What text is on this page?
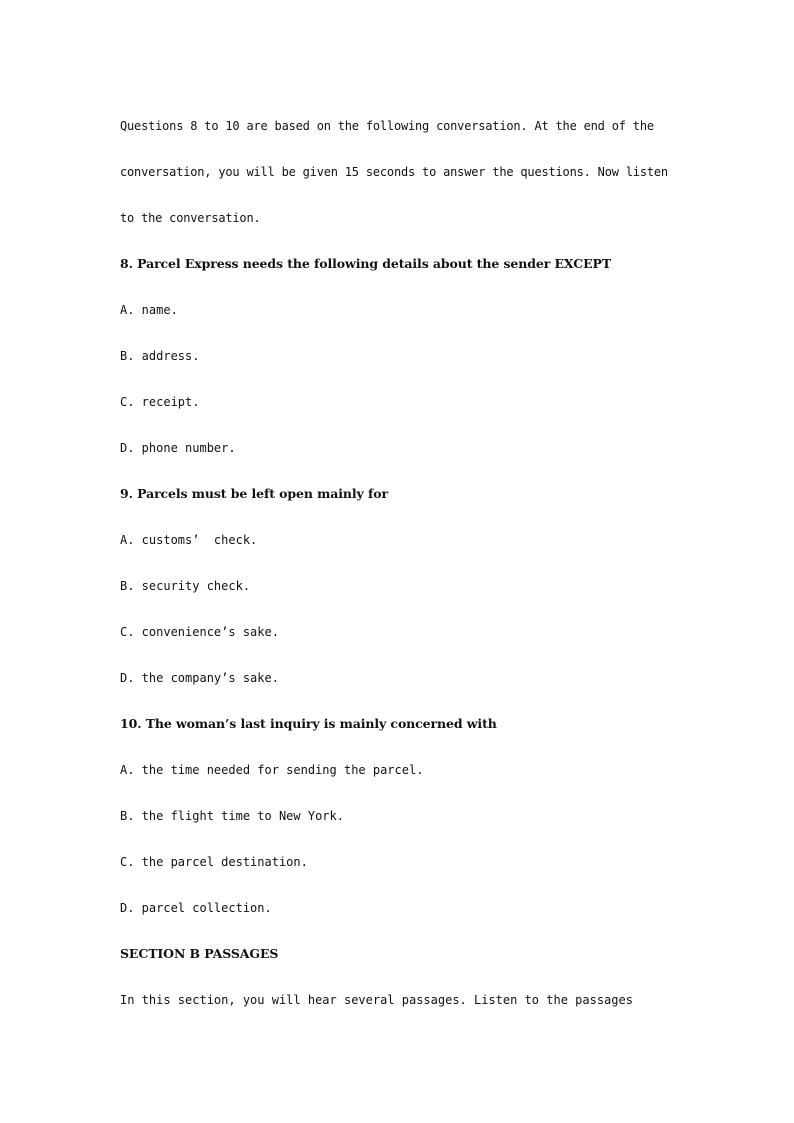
Questions 8 to 10 are based on the following conversation. At the end of the
conversation, you will be given 15 seconds to answer the questions. Now listen
to the conversation.
8. Parcel Express needs the following details about the sender EXCEPT
A. name.
B. address.
C. receipt.
D. phone number.
9. Parcels must be left open mainly for
A. customs’  check.
B. security check.
C. convenience’s sake.
D. the company’s sake.
10. The woman’s last inquiry is mainly concerned with
A. the time needed for sending the parcel.
B. the flight time to New York.
C. the parcel destination.
D. parcel collection.
SECTION B PASSAGES
In this section, you will hear several passages. Listen to the passages
